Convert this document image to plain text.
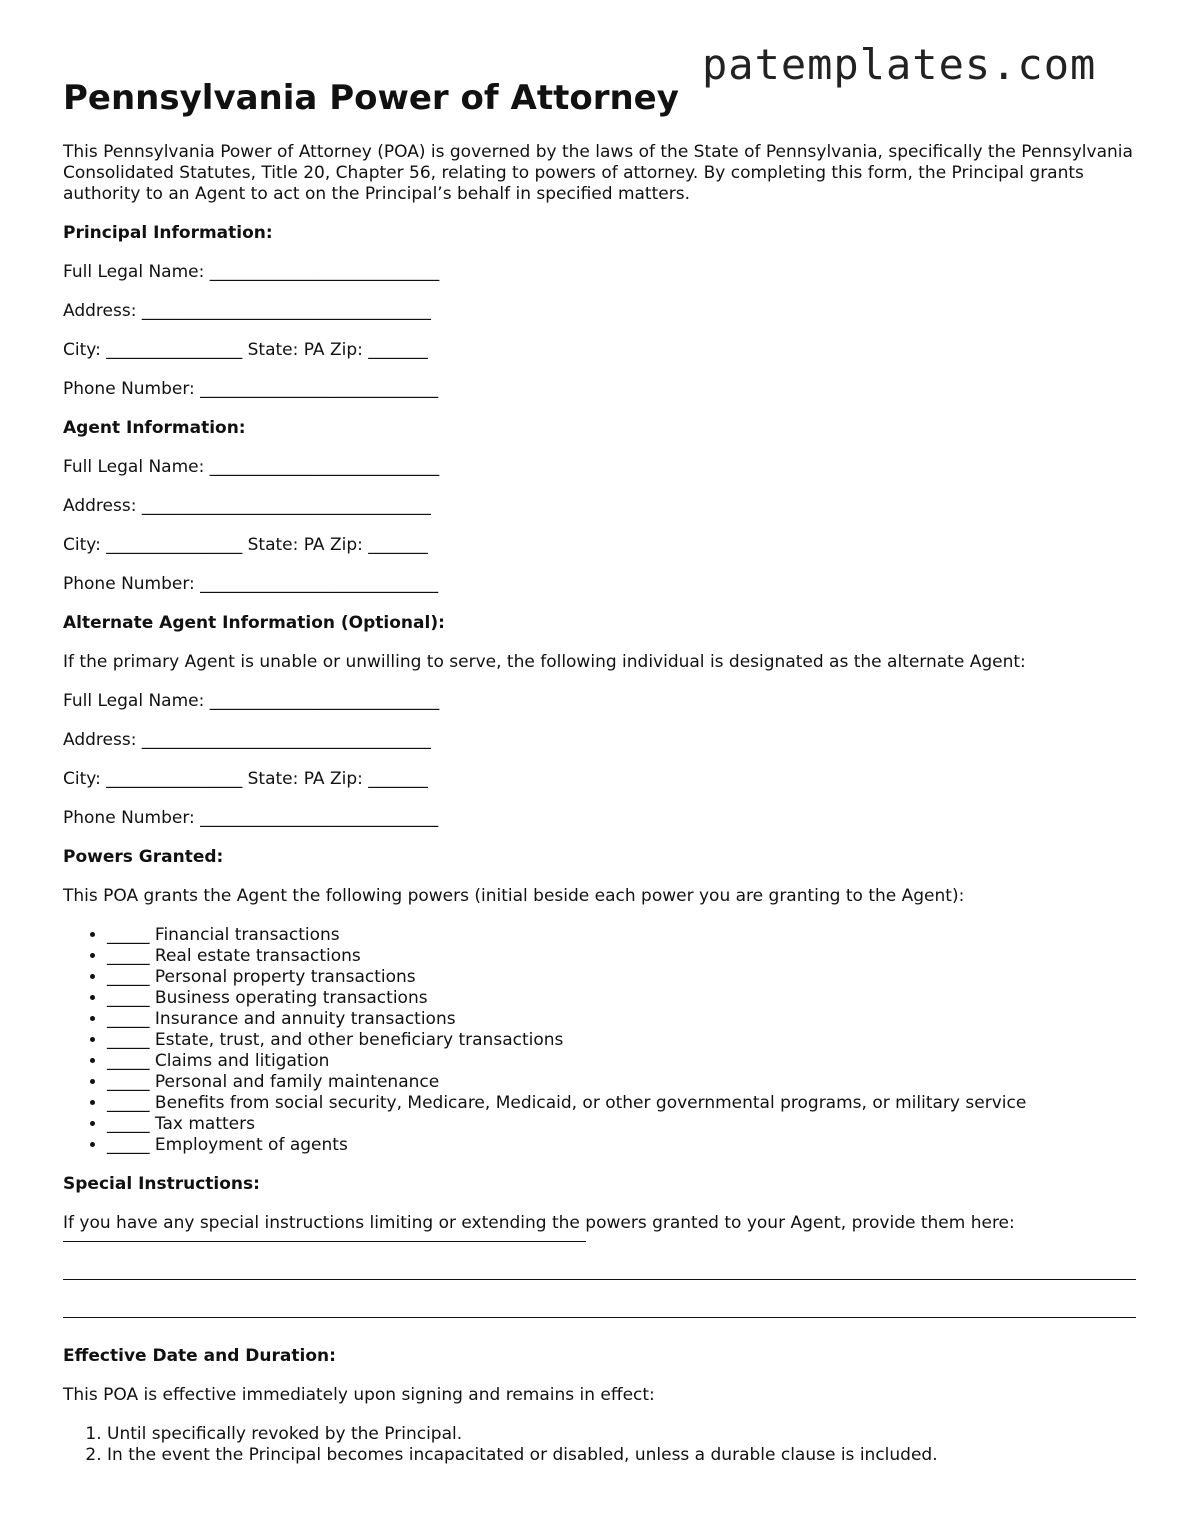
patemplates.com
Pennsylvania Power of Attorney

This Pennsylvania Power of Attorney (POA) is governed by the laws of the State of Pennsylvania, specifically the Pennsylvania Consolidated Statutes, Title 20, Chapter 56, relating to powers of attorney. By completing this form, the Principal grants authority to an Agent to act on the Principal’s behalf in specified matters.

Principal Information:

Full Legal Name: ___________________________

Address: __________________________________

City: ________________ State: PA Zip: _______

Phone Number: ____________________________

Agent Information:

Full Legal Name: ___________________________

Address: __________________________________

City: ________________ State: PA Zip: _______

Phone Number: ____________________________

Alternate Agent Information (Optional):

If the primary Agent is unable or unwilling to serve, the following individual is designated as the alternate Agent:

Full Legal Name: ___________________________

Address: __________________________________

City: ________________ State: PA Zip: _______

Phone Number: ____________________________

Powers Granted:

This POA grants the Agent the following powers (initial beside each power you are granting to the Agent):

• _____ Financial transactions
• _____ Real estate transactions
• _____ Personal property transactions
• _____ Business operating transactions
• _____ Insurance and annuity transactions
• _____ Estate, trust, and other beneficiary transactions
• _____ Claims and litigation
• _____ Personal and family maintenance
• _____ Benefits from social security, Medicare, Medicaid, or other governmental programs, or military service
• _____ Tax matters
• _____ Employment of agents

Special Instructions:

If you have any special instructions limiting or extending the powers granted to your Agent, provide them here:

Effective Date and Duration:

This POA is effective immediately upon signing and remains in effect:

1. Until specifically revoked by the Principal.
2. In the event the Principal becomes incapacitated or disabled, unless a durable clause is included.
